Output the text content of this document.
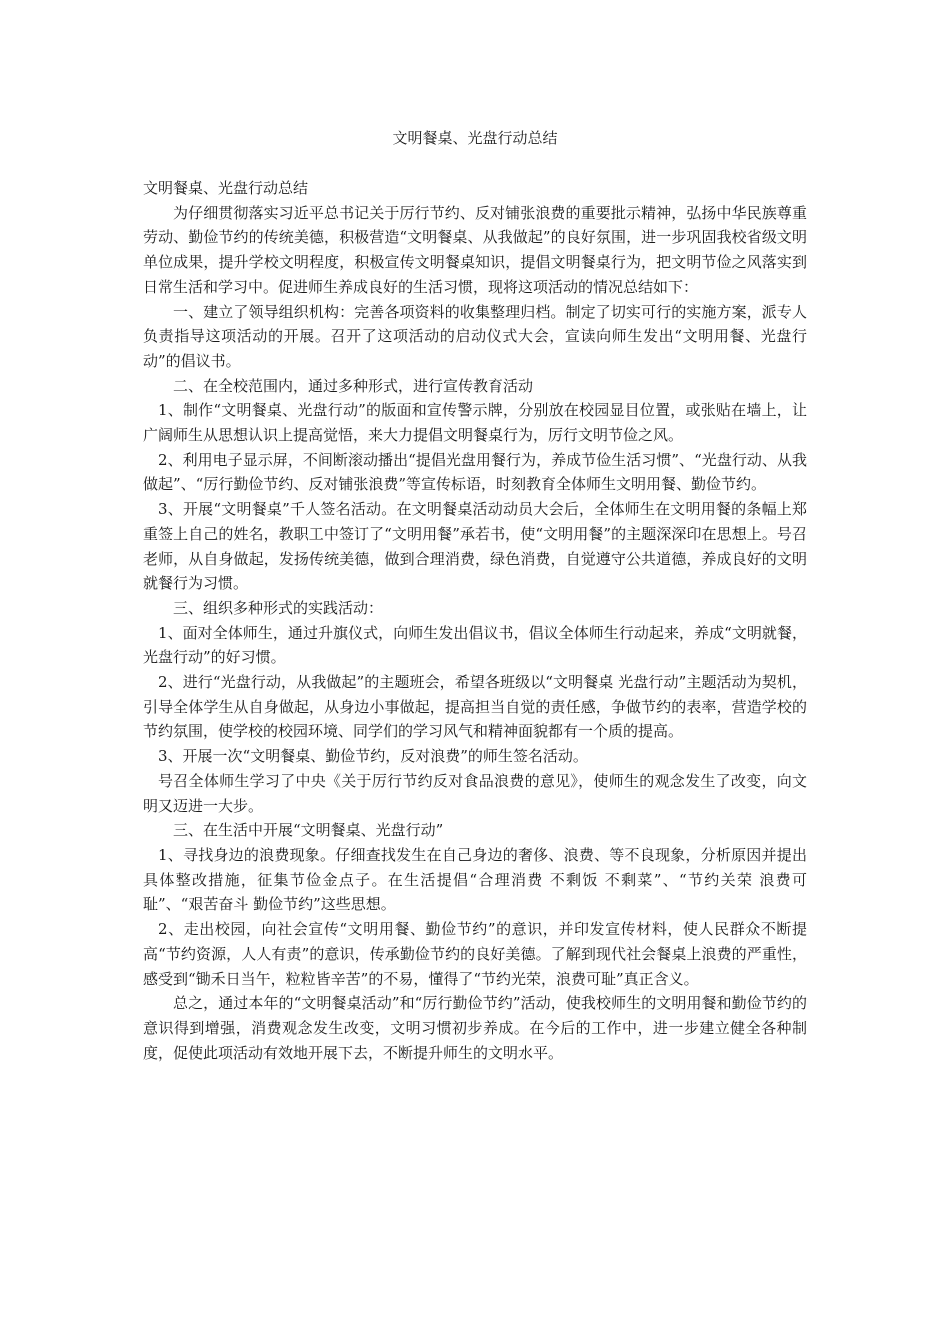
文明餐桌、光盘行动总结

文明餐桌、光盘行动总结

为仔细贯彻落实习近平总书记关于厉行节约、反对铺张浪费的重要批示精神，弘扬中华民族尊重劳动、勤俭节约的传统美德，积极营造“文明餐桌、从我做起”的良好氛围，进一步巩固我校省级文明单位成果，提升学校文明程度，积极宣传文明餐桌知识，提倡文明餐桌行为，把文明节俭之风落实到日常生活和学习中。促进师生养成良好的生活习惯，现将这项活动的情况总结如下：

一、建立了领导组织机构：完善各项资料的收集整理归档。制定了切实可行的实施方案，派专人负责指导这项活动的开展。召开了这项活动的启动仪式大会，宣读向师生发出“文明用餐、光盘行动”的倡议书。

二、在全校范围内，通过多种形式，进行宣传教育活动

1、制作“文明餐桌、光盘行动”的版面和宣传警示牌，分别放在校园显目位置，或张贴在墙上，让广阔师生从思想认识上提高觉悟，来大力提倡文明餐桌行为，厉行文明节俭之风。

2、利用电子显示屏，不间断滚动播出“提倡光盘用餐行为，养成节俭生活习惯”、“光盘行动、从我做起”、“厉行勤俭节约、反对铺张浪费”等宣传标语，时刻教育全体师生文明用餐、勤俭节约。

3、开展“文明餐桌”千人签名活动。在文明餐桌活动动员大会后，全体师生在文明用餐的条幅上郑重签上自己的姓名，教职工中签订了“文明用餐”承若书，使“文明用餐”的主题深深印在思想上。号召老师，从自身做起，发扬传统美德，做到合理消费，绿色消费，自觉遵守公共道德，养成良好的文明就餐行为习惯。

三、组织多种形式的实践活动：

1、面对全体师生，通过升旗仪式，向师生发出倡议书，倡议全体师生行动起来，养成“文明就餐，光盘行动”的好习惯。

2、进行“光盘行动，从我做起”的主题班会，希望各班级以“文明餐桌 光盘行动”主题活动为契机，引导全体学生从自身做起，从身边小事做起，提高担当自觉的责任感，争做节约的表率，营造学校的节约氛围，使学校的校园环境、同学们的学习风气和精神面貌都有一个质的提高。

3、开展一次“文明餐桌、勤俭节约，反对浪费”的师生签名活动。

号召全体师生学习了中央《关于厉行节约反对食品浪费的意见》，使师生的观念发生了改变，向文明又迈进一大步。

三、在生活中开展“文明餐桌、光盘行动”

1、寻找身边的浪费现象。仔细查找发生在自己身边的奢侈、浪费、等不良现象，分析原因并提出具体整改措施，征集节俭金点子。在生活提倡“合理消费 不剩饭 不剩菜”、“节约关荣 浪费可耻”、“艰苦奋斗 勤俭节约”这些思想。

2、走出校园，向社会宣传“文明用餐、勤俭节约”的意识，并印发宣传材料，使人民群众不断提高“节约资源，人人有责”的意识，传承勤俭节约的良好美德。了解到现代社会餐桌上浪费的严重性，感受到“锄禾日当午，粒粒皆辛苦”的不易，懂得了“节约光荣，浪费可耻”真正含义。

总之，通过本年的“文明餐桌活动”和“厉行勤俭节约”活动，使我校师生的文明用餐和勤俭节约的意识得到增强，消费观念发生改变，文明习惯初步养成。在今后的工作中，进一步建立健全各种制度，促使此项活动有效地开展下去，不断提升师生的文明水平。
